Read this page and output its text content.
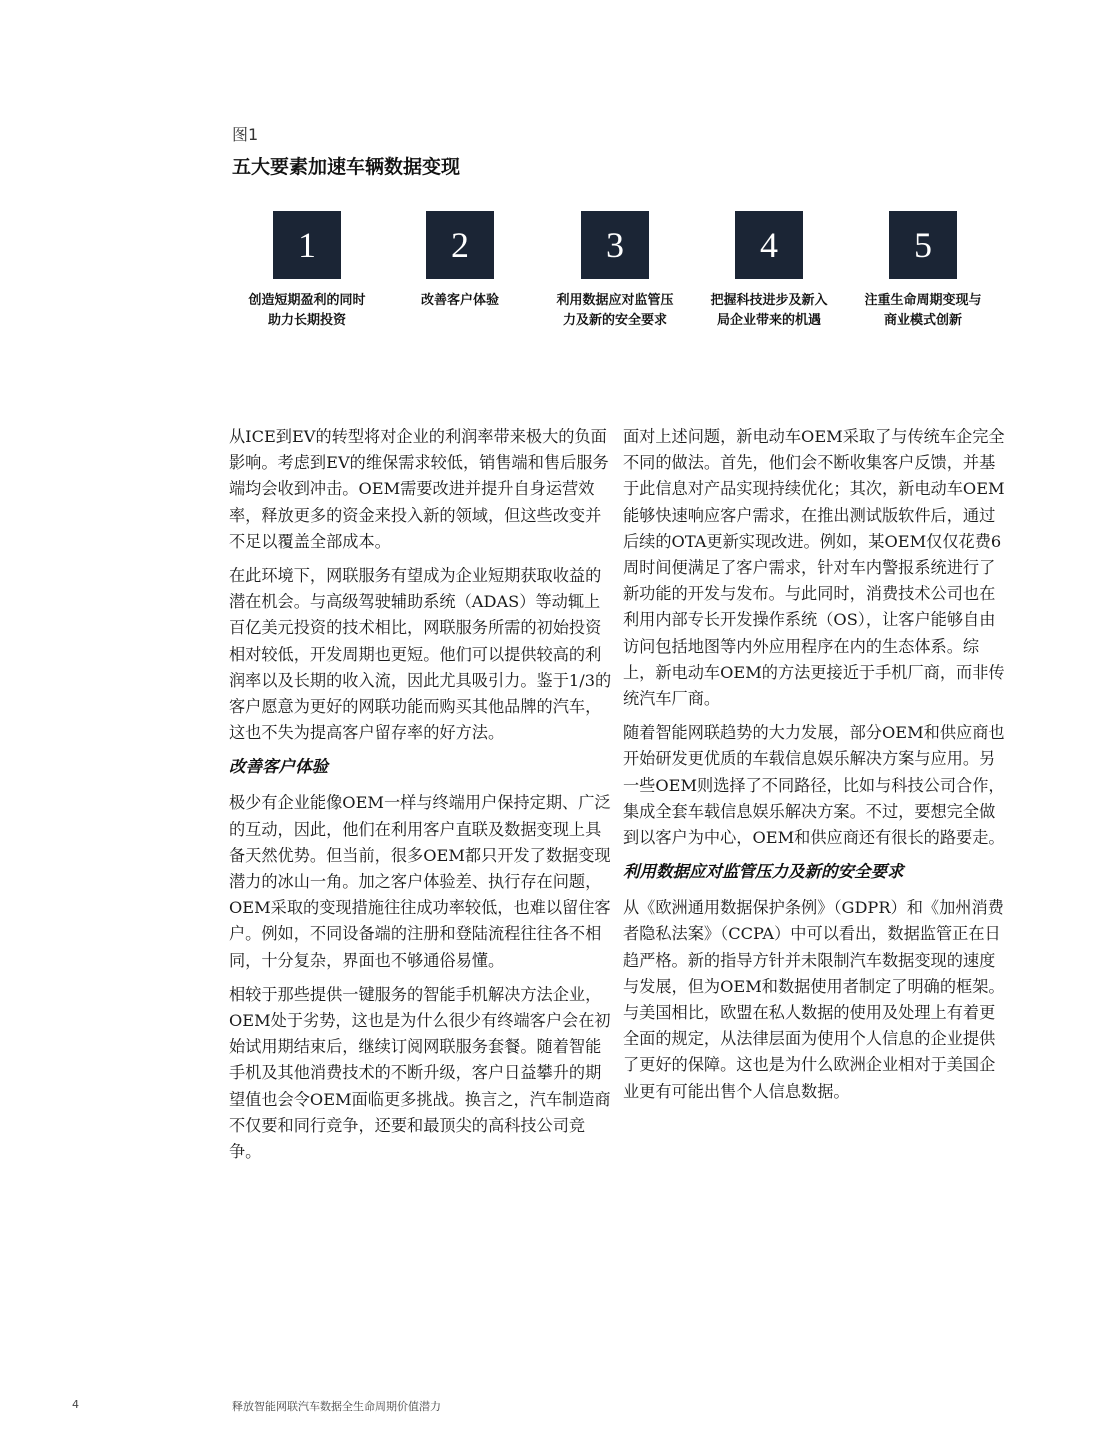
图1
五大要素加速车辆数据变现
1
创造短期盈利的同时
助力长期投资
2
改善客户体验
3
利用数据应对监管压
力及新的安全要求
4
把握科技进步及新入
局企业带来的机遇
5
注重生命周期变现与
商业模式创新

从ICE到EV的转型将对企业的利润率带来极大的负面影响。考虑到EV的维保需求较低，销售端和售后服务端均会收到冲击。OEM需要改进并提升自身运营效率，释放更多的资金来投入新的领域，但这些改变并不足以覆盖全部成本。

在此环境下，网联服务有望成为企业短期获取收益的潜在机会。与高级驾驶辅助系统（ADAS）等动辄上百亿美元投资的技术相比，网联服务所需的初始投资相对较低，开发周期也更短。他们可以提供较高的利润率以及长期的收入流，因此尤具吸引力。鉴于1/3的客户愿意为更好的网联功能而购买其他品牌的汽车，这也不失为提高客户留存率的好方法。

改善客户体验

极少有企业能像OEM一样与终端用户保持定期、广泛的互动，因此，他们在利用客户直联及数据变现上具备天然优势。但当前，很多OEM都只开发了数据变现潜力的冰山一角。加之客户体验差、执行存在问题，OEM采取的变现措施往往成功率较低，也难以留住客户。例如，不同设备端的注册和登陆流程往往各不相同，十分复杂，界面也不够通俗易懂。

相较于那些提供一键服务的智能手机解决方法企业，OEM处于劣势，这也是为什么很少有终端客户会在初始试用期结束后，继续订阅网联服务套餐。随着智能手机及其他消费技术的不断升级，客户日益攀升的期望值也会令OEM面临更多挑战。换言之，汽车制造商不仅要和同行竞争，还要和最顶尖的高科技公司竞争。

面对上述问题，新电动车OEM采取了与传统车企完全不同的做法。首先，他们会不断收集客户反馈，并基于此信息对产品实现持续优化；其次，新电动车OEM能够快速响应客户需求，在推出测试版软件后，通过后续的OTA更新实现改进。例如，某OEM仅仅花费6周时间便满足了客户需求，针对车内警报系统进行了新功能的开发与发布。与此同时，消费技术公司也在利用内部专长开发操作系统（OS），让客户能够自由访问包括地图等内外应用程序在内的生态体系。综上，新电动车OEM的方法更接近于手机厂商，而非传统汽车厂商。

随着智能网联趋势的大力发展，部分OEM和供应商也开始研发更优质的车载信息娱乐解决方案与应用。另一些OEM则选择了不同路径，比如与科技公司合作，集成全套车载信息娱乐解决方案。不过，要想完全做到以客户为中心，OEM和供应商还有很长的路要走。

利用数据应对监管压力及新的安全要求

从《欧洲通用数据保护条例》（GDPR）和《加州消费者隐私法案》（CCPA）中可以看出，数据监管正在日趋严格。新的指导方针并未限制汽车数据变现的速度与发展，但为OEM和数据使用者制定了明确的框架。与美国相比，欧盟在私人数据的使用及处理上有着更全面的规定，从法律层面为使用个人信息的企业提供了更好的保障。这也是为什么欧洲企业相对于美国企业更有可能出售个人信息数据。

4	释放智能网联汽车数据全生命周期价值潜力
